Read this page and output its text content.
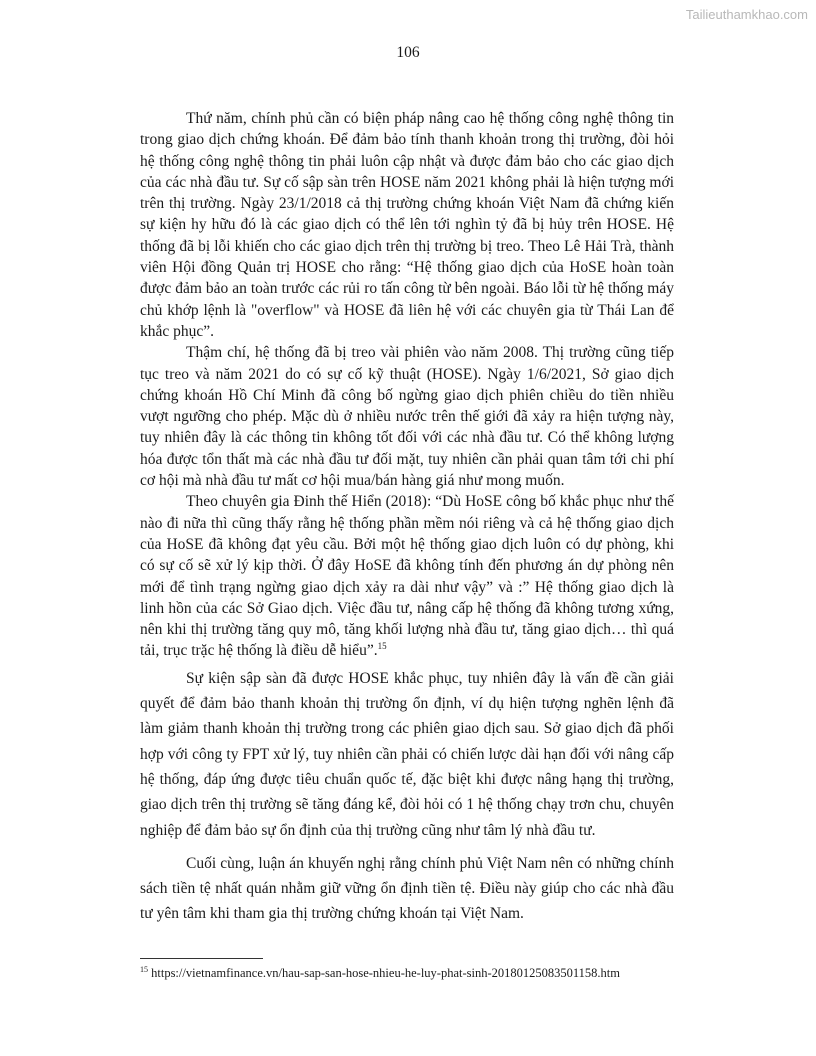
Tailieuthamkhao.com
106

Thứ năm, chính phủ cần có biện pháp nâng cao hệ thống công nghệ thông tin trong giao dịch chứng khoán. Để đảm bảo tính thanh khoản trong thị trường, đòi hỏi hệ thống công nghệ thông tin phải luôn cập nhật và được đảm bảo cho các giao dịch của các nhà đầu tư. Sự cố sập sàn trên HOSE năm 2021 không phải là hiện tượng mới trên thị trường. Ngày 23/1/2018 cả thị trường chứng khoán Việt Nam đã chứng kiến sự kiện hy hữu đó là các giao dịch có thể lên tới nghìn tỷ đã bị hủy trên HOSE. Hệ thống đã bị lỗi khiến cho các giao dịch trên thị trường bị treo. Theo Lê Hải Trà, thành viên Hội đồng Quản trị HOSE cho rằng: “Hệ thống giao dịch của HoSE hoàn toàn được đảm bảo an toàn trước các rủi ro tấn công từ bên ngoài. Báo lỗi từ hệ thống máy chủ khớp lệnh là "overflow" và HOSE đã liên hệ với các chuyên gia từ Thái Lan để khắc phục”.

Thậm chí, hệ thống đã bị treo vài phiên vào năm 2008. Thị trường cũng tiếp tục treo và năm 2021 do có sự cố kỹ thuật (HOSE). Ngày 1/6/2021, Sở giao dịch chứng khoán Hồ Chí Minh đã công bố ngừng giao dịch phiên chiều do tiền nhiều vượt ngưỡng cho phép. Mặc dù ở nhiều nước trên thế giới đã xảy ra hiện tượng này, tuy nhiên đây là các thông tin không tốt đối với các nhà đầu tư. Có thể không lượng hóa được tổn thất mà các nhà đầu tư đối mặt, tuy nhiên cần phải quan tâm tới chi phí cơ hội mà nhà đầu tư mất cơ hội mua/bán hàng giá như mong muốn.

Theo chuyên gia Đinh thế Hiển (2018): “Dù HoSE công bố khắc phục như thế nào đi nữa thì cũng thấy rằng hệ thống phần mềm nói riêng và cả hệ thống giao dịch của HoSE đã không đạt yêu cầu. Bởi một hệ thống giao dịch luôn có dự phòng, khi có sự cố sẽ xử lý kịp thời. Ở đây HoSE đã không tính đến phương án dự phòng nên mới để tình trạng ngừng giao dịch xảy ra dài như vậy” và :” Hệ thống giao dịch là linh hồn của các Sở Giao dịch. Việc đầu tư, nâng cấp hệ thống đã không tương xứng, nên khi thị trường tăng quy mô, tăng khối lượng nhà đầu tư, tăng giao dịch… thì quá tải, trục trặc hệ thống là điều dễ hiểu”.$^{15}$

Sự kiện sập sàn đã được HOSE khắc phục, tuy nhiên đây là vấn đề cần giải quyết để đảm bảo thanh khoản thị trường ổn định, ví dụ hiện tượng nghẽn lệnh đã làm giảm thanh khoản thị trường trong các phiên giao dịch sau. Sở giao dịch đã phối hợp với công ty FPT xử lý, tuy nhiên cần phải có chiến lược dài hạn đối với nâng cấp hệ thống, đáp ứng được tiêu chuẩn quốc tế, đặc biệt khi được nâng hạng thị trường, giao dịch trên thị trường sẽ tăng đáng kể, đòi hỏi có 1 hệ thống chạy trơn chu, chuyên nghiệp để đảm bảo sự ổn định của thị trường cũng như tâm lý nhà đầu tư.

Cuối cùng, luận án khuyến nghị rằng chính phủ Việt Nam nên có những chính sách tiền tệ nhất quán nhằm giữ vững ổn định tiền tệ. Điều này giúp cho các nhà đầu tư yên tâm khi tham gia thị trường chứng khoán tại Việt Nam.

$^{15}$ https://vietnamfinance.vn/hau-sap-san-hose-nhieu-he-luy-phat-sinh-20180125083501158.htm
